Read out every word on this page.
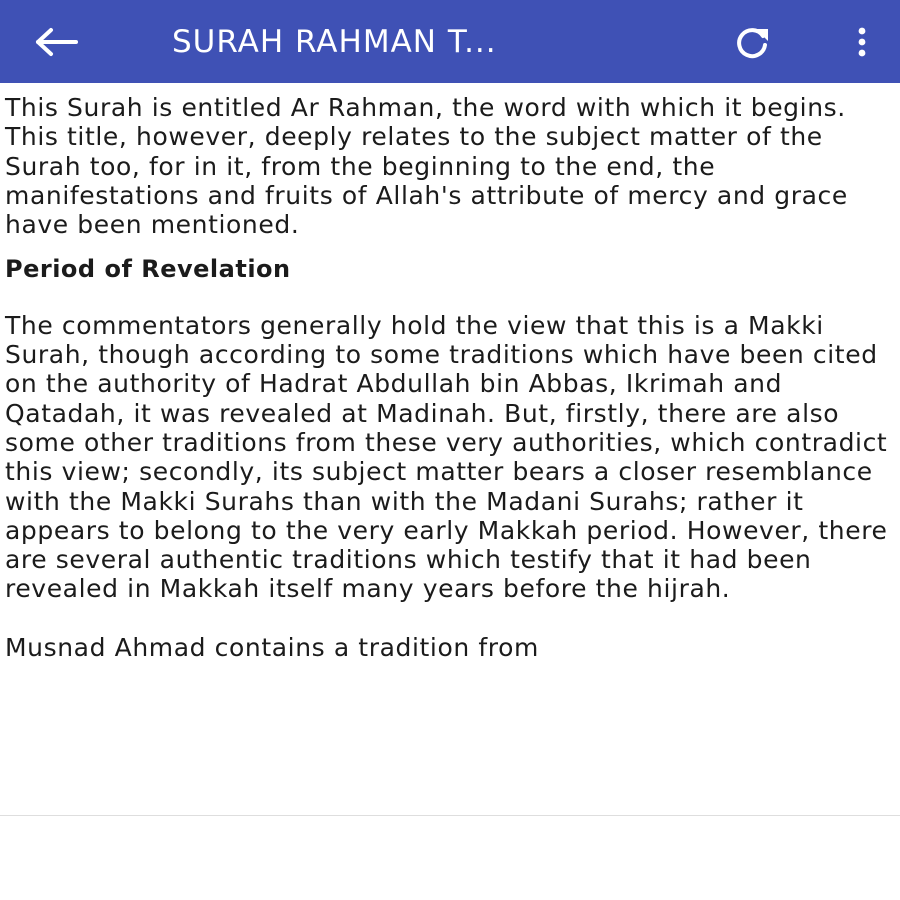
SURAH RAHMAN T...

This Surah is entitled Ar Rahman, the word with which it begins. This title, however, deeply relates to the subject matter of the Surah too, for in it, from the beginning to the end, the manifestations and fruits of Allah's attribute of mercy and grace have been mentioned.

Period of Revelation

The commentators generally hold the view that this is a Makki Surah, though according to some traditions which have been cited on the authority of Hadrat Abdullah bin Abbas, Ikrimah and Qatadah, it was revealed at Madinah. But, firstly, there are also some other traditions from these very authorities, which contradict this view; secondly, its subject matter bears a closer resemblance with the Makki Surahs than with the Madani Surahs; rather it appears to belong to the very early Makkah period. However, there are several authentic traditions which testify that it had been revealed in Makkah itself many years before the hijrah.

Musnad Ahmad contains a tradition from
